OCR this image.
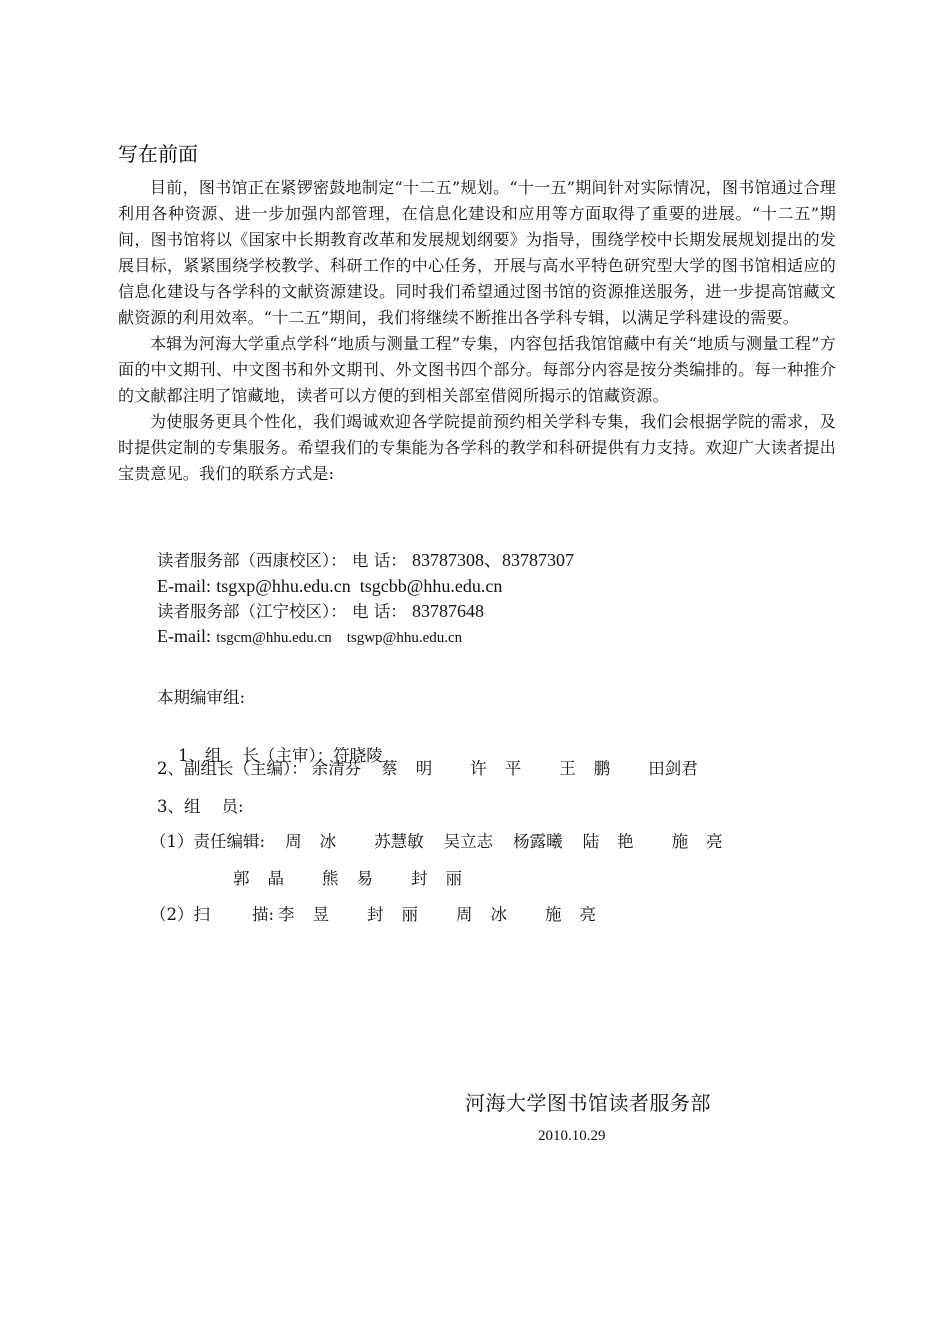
写在前面

目前，图书馆正在紧锣密鼓地制定“十二五”规划。“十一五”期间针对实际情况，图书馆通过合理利用各种资源、进一步加强内部管理，在信息化建设和应用等方面取得了重要的进展。“十二五”期间，图书馆将以《国家中长期教育改革和发展规划纲要》为指导，围绕学校中长期发展规划提出的发展目标，紧紧围绕学校教学、科研工作的中心任务，开展与高水平特色研究型大学的图书馆相适应的信息化建设与各学科的文献资源建设。同时我们希望通过图书馆的资源推送服务，进一步提高馆藏文献资源的利用效率。“十二五”期间，我们将继续不断推出各学科专辑，以满足学科建设的需要。

本辑为河海大学重点学科“地质与测量工程”专集，内容包括我馆馆藏中有关“地质与测量工程”方面的中文期刊、中文图书和外文期刊、外文图书四个部分。每部分内容是按分类编排的。每一种推介的文献都注明了馆藏地，读者可以方便的到相关部室借阅所揭示的馆藏资源。

为使服务更具个性化，我们竭诚欢迎各学院提前预约相关学科专集，我们会根据学院的需求，及时提供定制的专集服务。希望我们的专集能为各学科的教学和科研提供有力支持。欢迎广大读者提出宝贵意见。我们的联系方式是:

读者服务部（西康校区）： 电 话： 83787308、83787307
E-mail: tsgxp@hhu.edu.cn  tsgcbb@hhu.edu.cn
读者服务部（江宁校区）： 电 话： 83787648
E-mail: tsgcm@hhu.edu.cn    tsgwp@hhu.edu.cn
本期编审组:

1、组    长（主审）：符晓陵

2、副组长（主编）： 余清芬 蔡明 许平 王鹏 田剑君
3、组    员:
（1）责任编辑: 周冰 苏慧敏 吴立志 杨露曦 陆艳 施亮
郭晶 熊易 封丽
（2）扫        描: 李昱 封丽 周冰 施亮
河海大学图书馆读者服务部
2010.10.29
